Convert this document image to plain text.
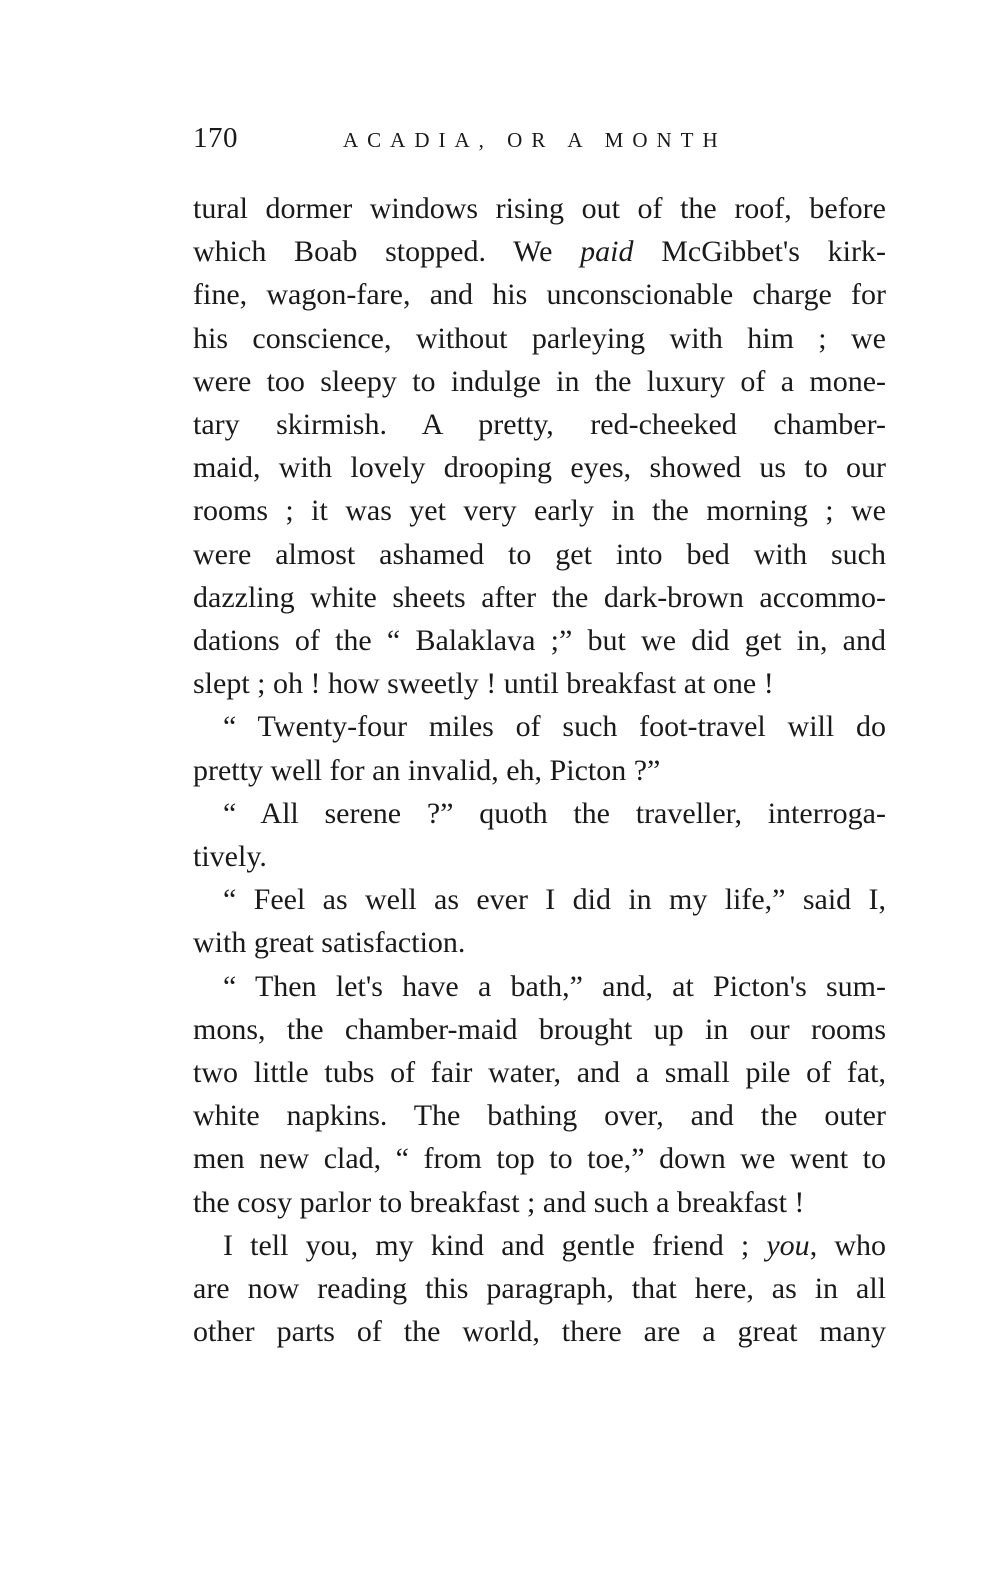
170	ACADIA, OR A MONTH
tural dormer windows rising out of the roof, before
which Boab stopped. We paid McGibbet's kirk-
fine, wagon-fare, and his unconscionable charge for
his conscience, without parleying with him ; we
were too sleepy to indulge in the luxury of a mone-
tary skirmish. A pretty, red-cheeked chamber-
maid, with lovely drooping eyes, showed us to our
rooms ; it was yet very early in the morning ; we
were almost ashamed to get into bed with such
dazzling white sheets after the dark-brown accommo-
dations of the “ Balaklava ;” but we did get in, and
slept ; oh ! how sweetly ! until breakfast at one !
“ Twenty-four miles of such foot-travel will do
pretty well for an invalid, eh, Picton ?”
“ All serene ?” quoth the traveller, interroga-
tively.
“ Feel as well as ever I did in my life,” said I,
with great satisfaction.
“ Then let's have a bath,” and, at Picton's sum-
mons, the chamber-maid brought up in our rooms
two little tubs of fair water, and a small pile of fat,
white napkins. The bathing over, and the outer
men new clad, “ from top to toe,” down we went to
the cosy parlor to breakfast ; and such a breakfast !
I tell you, my kind and gentle friend ; you, who
are now reading this paragraph, that here, as in all
other parts of the world, there are a great many
